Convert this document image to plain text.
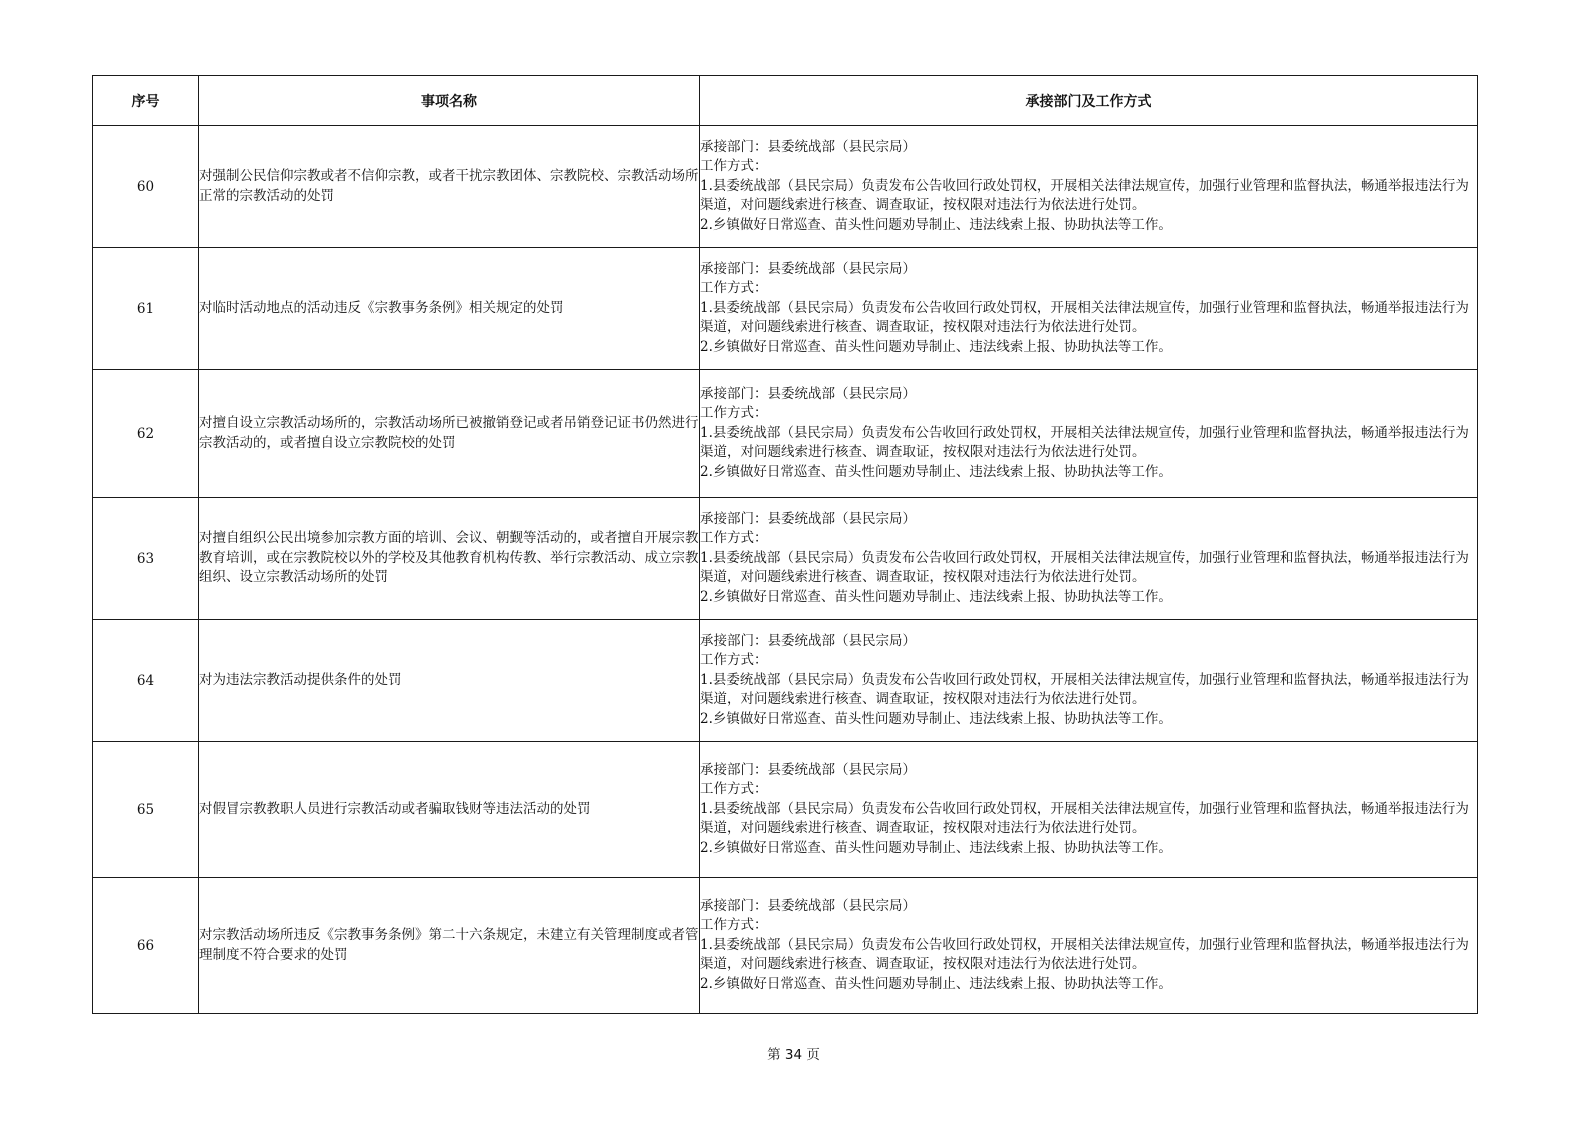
序号	事项名称	承接部门及工作方式
60	对强制公民信仰宗教或者不信仰宗教，或者干扰宗教团体、宗教院校、宗教活动场所正常的宗教活动的处罚	承接部门：县委统战部（县民宗局）
工作方式：
1.县委统战部（县民宗局）负责发布公告收回行政处罚权，开展相关法律法规宣传，加强行业管理和监督执法，畅通举报违法行为渠道，对问题线索进行核查、调查取证，按权限对违法行为依法进行处罚。
2.乡镇做好日常巡查、苗头性问题劝导制止、违法线索上报、协助执法等工作。

61	对临时活动地点的活动违反《宗教事务条例》相关规定的处罚	承接部门：县委统战部（县民宗局）
工作方式：
1.县委统战部（县民宗局）负责发布公告收回行政处罚权，开展相关法律法规宣传，加强行业管理和监督执法，畅通举报违法行为渠道，对问题线索进行核查、调查取证，按权限对违法行为依法进行处罚。
2.乡镇做好日常巡查、苗头性问题劝导制止、违法线索上报、协助执法等工作。

62	对擅自设立宗教活动场所的，宗教活动场所已被撤销登记或者吊销登记证书仍然进行宗教活动的，或者擅自设立宗教院校的处罚	承接部门：县委统战部（县民宗局）
工作方式：
1.县委统战部（县民宗局）负责发布公告收回行政处罚权，开展相关法律法规宣传，加强行业管理和监督执法，畅通举报违法行为渠道，对问题线索进行核查、调查取证，按权限对违法行为依法进行处罚。
2.乡镇做好日常巡查、苗头性问题劝导制止、违法线索上报、协助执法等工作。

63	对擅自组织公民出境参加宗教方面的培训、会议、朝觐等活动的，或者擅自开展宗教教育培训，或在宗教院校以外的学校及其他教育机构传教、举行宗教活动、成立宗教组织、设立宗教活动场所的处罚	承接部门：县委统战部（县民宗局）
工作方式：
1.县委统战部（县民宗局）负责发布公告收回行政处罚权，开展相关法律法规宣传，加强行业管理和监督执法，畅通举报违法行为渠道，对问题线索进行核查、调查取证，按权限对违法行为依法进行处罚。
2.乡镇做好日常巡查、苗头性问题劝导制止、违法线索上报、协助执法等工作。

64	对为违法宗教活动提供条件的处罚	承接部门：县委统战部（县民宗局）
工作方式：
1.县委统战部（县民宗局）负责发布公告收回行政处罚权，开展相关法律法规宣传，加强行业管理和监督执法，畅通举报违法行为渠道，对问题线索进行核查、调查取证，按权限对违法行为依法进行处罚。
2.乡镇做好日常巡查、苗头性问题劝导制止、违法线索上报、协助执法等工作。

65	对假冒宗教教职人员进行宗教活动或者骗取钱财等违法活动的处罚	承接部门：县委统战部（县民宗局）
工作方式：
1.县委统战部（县民宗局）负责发布公告收回行政处罚权，开展相关法律法规宣传，加强行业管理和监督执法，畅通举报违法行为渠道，对问题线索进行核查、调查取证，按权限对违法行为依法进行处罚。
2.乡镇做好日常巡查、苗头性问题劝导制止、违法线索上报、协助执法等工作。

66	对宗教活动场所违反《宗教事务条例》第二十六条规定，未建立有关管理制度或者管理制度不符合要求的处罚	承接部门：县委统战部（县民宗局）
工作方式：
1.县委统战部（县民宗局）负责发布公告收回行政处罚权，开展相关法律法规宣传，加强行业管理和监督执法，畅通举报违法行为渠道，对问题线索进行核查、调查取证，按权限对违法行为依法进行处罚。
2.乡镇做好日常巡查、苗头性问题劝导制止、违法线索上报、协助执法等工作。
第 34 页
